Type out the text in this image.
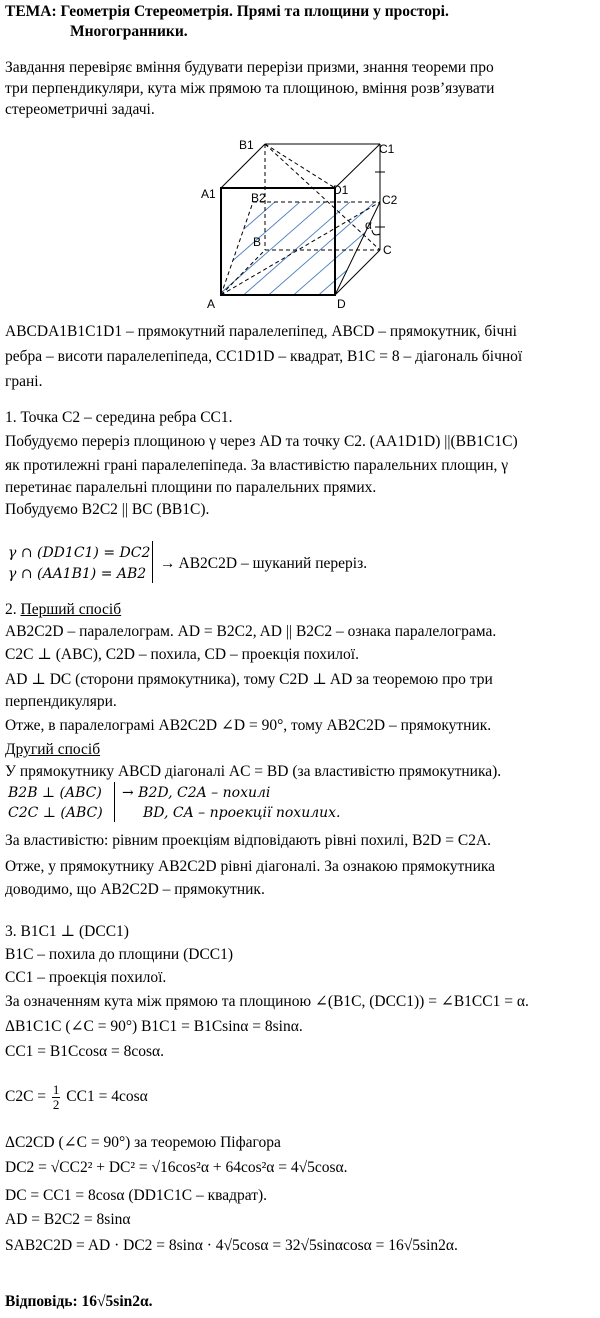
ТЕМА: Геометрія Стереометрія. Прямі та площини у просторі.
Многогранники.
Завдання перевіряє вміння будувати перерізи призми, знання теореми про
три перпендикуляри, кута між прямою та площиною, вміння розв’язувати
стереометричні задачі.
B1	C1
A1	D1
B2	C2
B
C
A	D
α
ABCDA1B1C1D1 – прямокутний паралелепіпед, ABCD – прямокутник, бічні
ребра – висоти паралелепіпеда, CC1D1D – квадрат, B1C = 8 – діагональ бічної
грані.
1. Точка C2 – середина ребра CC1.
Побудуємо переріз площиною γ через AD та точку C2. (AA1D1D) ||(BB1C1C)
як протилежні грані паралелепіпеда. За властивістю паралельних площин, γ
перетинає паралельні площини по паралельних прямих.
Побудуємо B2C2 || BC (BB1C).
γ ∩ (DD1C1) = DC2
γ ∩ (AA1B1) = AB2
→ AB2C2D – шуканий переріз.
2. Перший спосіб
AB2C2D – паралелограм. AD = B2C2, AD || B2C2 – ознака паралелограма.
C2C ⊥ (ABC), C2D – похила, CD – проекція похилої.
AD ⊥ DC (сторони прямокутника), тому C2D ⊥ AD за теоремою про три
перпендикуляри.
Отже, в паралелограмі AB2C2D ∠D = 90°, тому AB2C2D – прямокутник.
Другий спосіб
У прямокутнику ABCD діагоналі AC = BD (за властивістю прямокутника).
B2B ⊥ (ABC)
C2C ⊥ (ABC)
→ B2D, C2A – похилі
BD, CA – проекції похилих.
За властивістю: рівним проекціям відповідають рівні похилі, B2D = C2A.
Отже, у прямокутнику AB2C2D рівні діагоналі. За ознакою прямокутника
доводимо, що AB2C2D – прямокутник.
3. B1C1 ⊥ (DCC1)
B1C – похила до площини (DCC1)
CC1 – проекція похилої.
За означенням кута між прямою та площиною ∠(B1C, (DCC1)) = ∠B1CC1 = α.
ΔB1C1C (∠C = 90°) B1C1 = B1Csinα = 8sinα.
CC1 = B1Ccosα = 8cosα.
$C2C = \frac{1}{2} CC1 = 4\cos\alpha$
ΔC2CD (∠C = 90°) за теоремою Піфагора
DC2 = √CC2² + DC² = √16cos²α + 64cos²α = 4√5cosα.
DC = CC1 = 8cosα (DD1C1C – квадрат).
AD = B2C2 = 8sinα
SAB2C2D = AD · DC2 = 8sinα · 4√5cosα = 32√5sinαcosα = 16√5sin2α.
Відповідь: 16√5sin2α.
